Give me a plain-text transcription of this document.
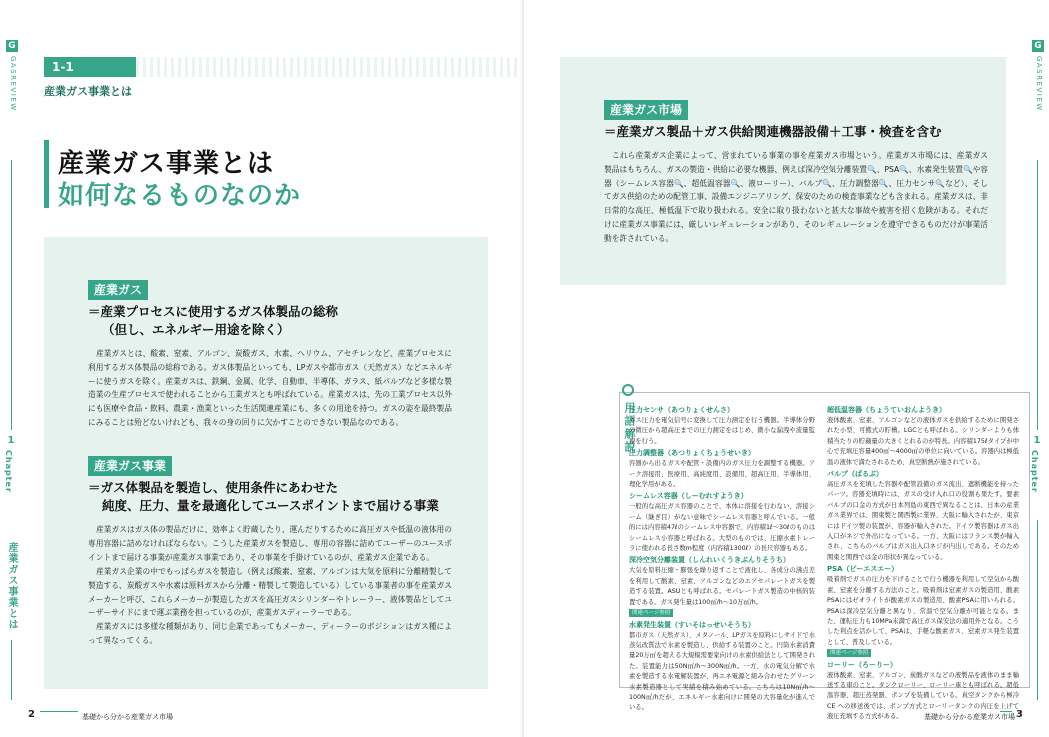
G
GASREVIEW
1
Chapter
産業ガス事業とは
1-1
産業ガス事業とは
産業ガス事業とは
如何なるものなのか
産業ガス
＝産業プロセスに使用するガス体製品の総称
（但し、エネルギー用途を除く）
産業ガスとは、酸素、窒素、アルゴン、炭酸ガス、水素、ヘリウム、アセチレンなど、産業プロセスに利用するガス体製品の総称である。ガス体製品といっても、LPガスや都市ガス（天然ガス）などエネルギーに使うガスを除く。産業ガスは、鉄鋼、金属、化学、自動車、半導体、ガラス、紙パルプなど多様な製造業の生産プロセスで使われることから工業ガスとも呼ばれている。産業ガスは、先の工業プロセス以外にも医療や食品・飲料、農業・漁業といった生活関連産業にも、多くの用途を持つ。ガスの姿を最終製品にみることは殆どないけれども、我々の身の回りに欠かすことのできない製品なのである。
産業ガス事業
＝ガス体製品を製造し、使用条件にあわせた
純度、圧力、量を最適化してユースポイントまで届ける事業
産業ガスはガス体の製品だけに、効率よく貯蔵したり、運んだりするために高圧ガスや低温の液体用の専用容器に詰めなければならない。こうした産業ガスを製造し、専用の容器に詰めてユーザーのユースポイントまで届ける事業が産業ガス事業であり、その事業を手掛けているのが、産業ガス企業である。
産業ガス企業の中でもっぱらガスを製造し（例えば酸素、窒素、アルゴンは大気を原料に分離精製して製造する、炭酸ガスや水素は原料ガスから分離・精製して製造している）している事業者の事を産業ガスメーカーと呼び、これらメーカーが製造したガスを高圧ガスシリンダーやトレーラー、液体製品としてユーザーサイドにまで運ぶ業務を担っているのが、産業ガスディーラーである。
産業ガスには多様な種類があり、同じ企業であってもメーカー、ディーラーのポジションはガス種によって異なってくる。
2	基礎から分かる産業ガス市場
産業ガス市場
＝産業ガス製品＋ガス供給関連機器設備＋工事・検査を含む
これら産業ガス企業によって、営まれている事業の事を産業ガス市場という。産業ガス市場には、産業ガス製品はもちろん、ガスの製造・供給に必要な機器、例えば深冷空気分離装置🔍、PSA🔍、水素発生装置🔍や容器（シームレス容器🔍、超低温容器🔍、液ローリー）、バルブ🔍、圧力調整器🔍、圧力センサ🔍など）、そしてガス供給のための配管工事、設備エンジニアリング、保安のための検査事業なども含まれる。産業ガスは、非日常的な高圧、極低温下で取り扱われる。安全に取り扱わないと甚大な事故や被害を招く危険がある。それだけに産業ガス事業には、厳しいレギュレーションがあり、そのレギュレーションを遵守できるものだけが事業活動を許されている。
用語解説
圧力センサ（あつりょくせんさ）
ガス圧力を電気信号に変換して圧力測定を行う機器。半導体分野の微圧から超高圧までの圧力測定をはじめ、微小な漏洩や流量監視を行う。
圧力調整器（あつりょくちょうせいき）
容器から出るガスや配管・設備内のガス圧力を調整する機器。アーク溶接用、医療用、高純度用、設備用、超高圧用、半導体用、理化学用がある。
シームレス容器（しーむれすようき）
一般的な高圧ガス容器のことで、本体に溶接を行わない、溶接シーム（継ぎ目）がない意味でシームレス容器と呼んでいる。一般的には内容積47ℓのシームレス中容器で、内容積1ℓ〜30ℓのものはシームレス小容器と呼ばれる。大型のものでは、圧縮水素トレーラに使われる長さ数m程度（内容積1300ℓ）の長尺容器もある。
深冷空気分離装置（しんれいくうきぶんりそうち）
大気を原料圧縮・膨張を繰り返すことで液化し、各成分の沸点差を利用して酸素、窒素、アルゴンなどのエアセパレートガスを製造する装置。ASUとも呼ばれる。セパレートガス製造の中核的装置である。ガス発生量は100㎥/h〜10万㎥/h。
関連ページ参照
水素発生装置（すいそはっせいそうち）
都市ガス（天然ガス）、メタノール、LPガスを原料にしサイドで水蒸気改質法で水素を製造し、供給する装置のこと。円筒水素消費量20万㎥を超える大規模需要家向けの水素供給法として開発された。装置能力は50N㎥/h〜300N㎥/h。一方、水の電気分解で水素を製造する水電解装置が、再エネ電源と組み合わせたグリーン水素製造器として実績を積み始めている。こちらは10N㎥/h〜100N㎥/hだが、エネルギー水素向けに開発の大容量化が進んでいる。
超低温容器（ちょうていおんようき）
液体酸素、窒素、アルゴンなどの液体ガスを供給するために開発された小型、可搬式の貯槽。LGCとも呼ばれる。シリンダーよりも体積当たりの貯蔵量の大きくとれるのが特長。内容積175ℓタイプが中心で充填圧容量400㎥〜4000㎥の単位に向いている。容器内は極低温の液体で満たされるため、真空断熱が施されている。
バルブ（ばるぶ）
高圧ガスを充填した容器や配管設備のガス流出、遮断機能を持ったパーツ。容器充填時には、ガスの受け入れ口の役割も果たす。要素バルブの口金の方式が日本列島の東西で異なることは、日本の産業ガス業界では、関東製と関西製に業界、大阪に輸入されたが、東京にはドイツ製の装置が、容器が輸入された。ドイツ製容器はガス出入口がネジで外出になっている。一方、大阪にはフランス製が輸入され、こちらのバルブはガス出入口ネジが内出しである。そのため関東と関西では金の形状が異なっている。
PSA（ピーエスエー）
吸着剤でガスの圧力を下げることで行う機器を利用して空気から酸素、窒素を分離する方法のこと。吸着剤は窒素ガスの製造用、酸素PSAにはゼオライトが酸素ガスの製造用、酸素PSAに用いられる。PSAは深冷空気分離と異なり、常温で空気分離が可能となる。また、運転圧力も10MPa未満で高圧ガス保安法の適用外となる。こうした利点を活かして、PSAは、手軽な酸素ガス、窒素ガス発生装置として、普及している。
関連ページ参照
ローリー（ろーりー）
液体酸素、窒素、アルゴン、炭酸ガスなどの液製品を液体のまま輸送する車のこと。タンクローリー、ローリー車とも呼ばれる。超低温容器、超圧蒸発器、ポンプを装備している。真空タンクから極冷CE への移送後では、ポンプ方式とローリータンクの内圧を上げて液圧充填する方式がある。	基礎から分かる産業ガス市場 3
G
GASREVIEW
1
Chapter
